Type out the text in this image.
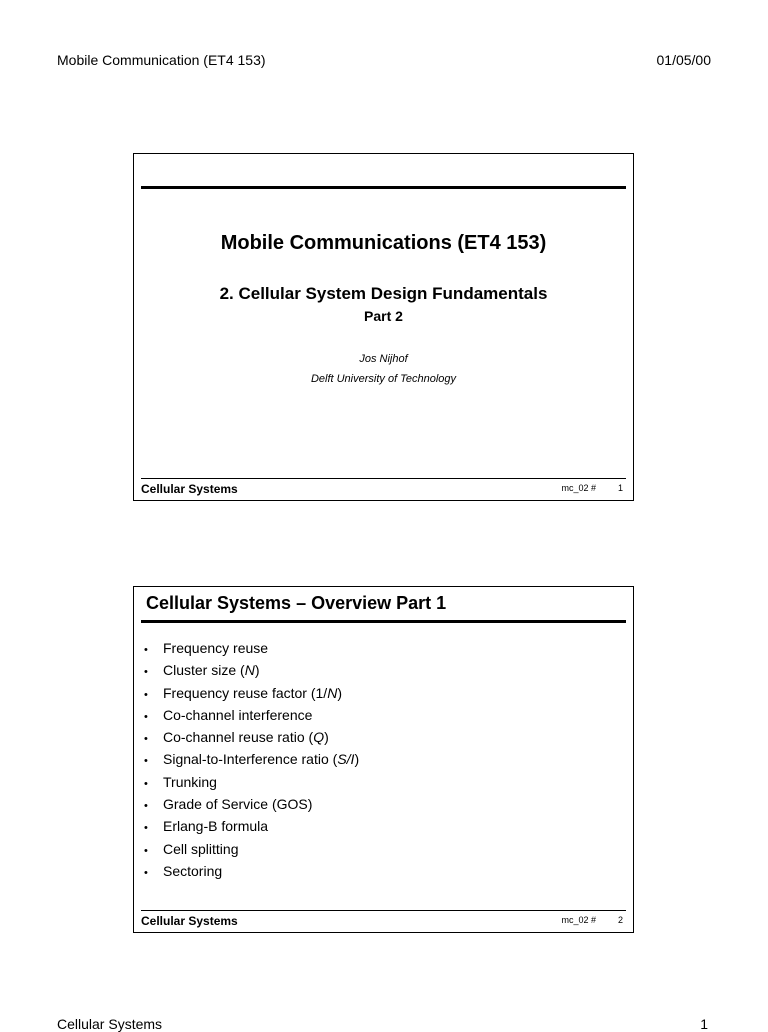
Mobile Communication (ET4 153)	01/05/00
Mobile Communications (ET4 153)
2. Cellular System Design Fundamentals
Part 2
Jos Nijhof
Delft University of Technology
Cellular Systems	mc_02 # 1
Cellular Systems – Overview Part 1
• Frequency reuse
• Cluster size (N)
• Frequency reuse factor (1/N)
• Co-channel interference
• Co-channel reuse ratio (Q)
• Signal-to-Interference ratio (S/I)
• Trunking
• Grade of Service (GOS)
• Erlang-B formula
• Cell splitting
• Sectoring
Cellular Systems	mc_02 # 2
Cellular Systems	1
